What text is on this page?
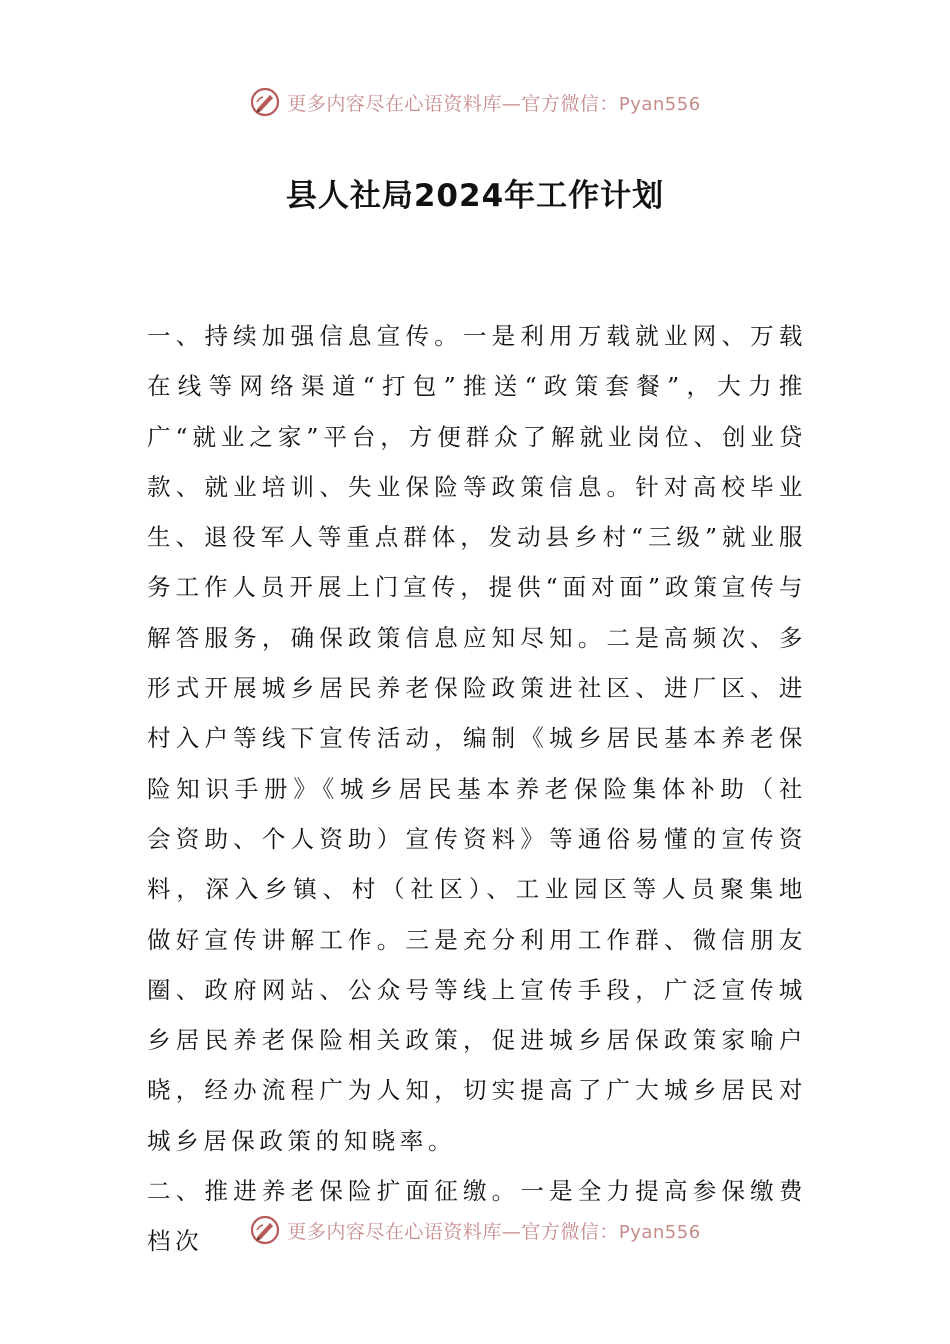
更多内容尽在心语资料库—官方微信：Pyan556
县人社局2024年工作计划

一、持续加强信息宣传。一是利用万载就业网、万载在线等网络渠道“打包”推送“政策套餐”，大力推广“就业之家”平台，方便群众了解就业岗位、创业贷款、就业培训、失业保险等政策信息。针对高校毕业生、退役军人等重点群体，发动县乡村“三级”就业服务工作人员开展上门宣传，提供“面对面”政策宣传与解答服务，确保政策信息应知尽知。二是高频次、多形式开展城乡居民养老保险政策进社区、进厂区、进村入户等线下宣传活动，编制《城乡居民基本养老保险知识手册》《城乡居民基本养老保险集体补助（社会资助、个人资助）宣传资料》等通俗易懂的宣传资料，深入乡镇、村（社区）、工业园区等人员聚集地做好宣传讲解工作。三是充分利用工作群、微信朋友圈、政府网站、公众号等线上宣传手段，广泛宣传城乡居民养老保险相关政策，促进城乡居保政策家喻户晓，经办流程广为人知，切实提高了广大城乡居民对城乡居保政策的知晓率。

二、推进养老保险扩面征缴。一是全力提高参保缴费档次	更多内容尽在心语资料库—官方微信：Pyan556
